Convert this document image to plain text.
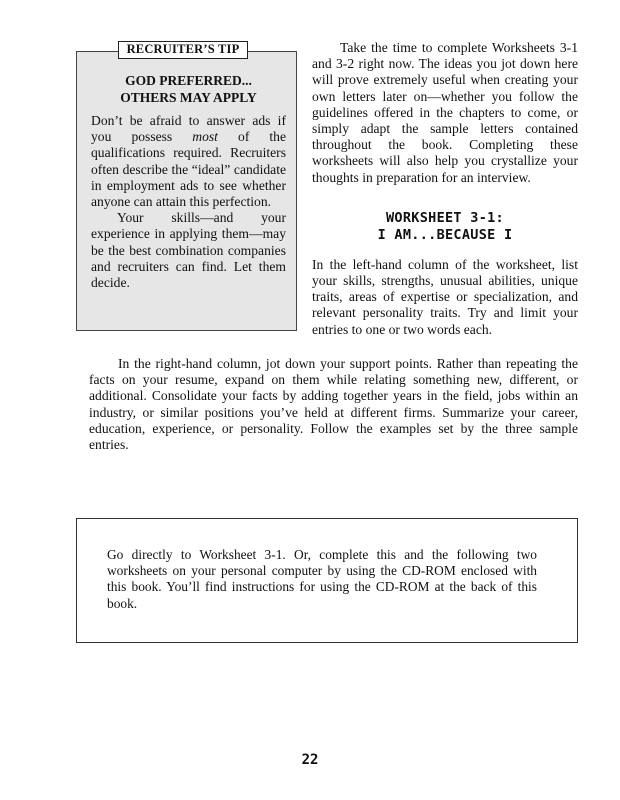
GOD PREFERRED...
OTHERS MAY APPLY

Don’t be afraid to answer ads if you possess most of the qualifications required. Recruiters often describe the “ideal” candidate in employment ads to see whether anyone can attain this perfection.

Your skills—and your experience in applying them—may be the best combination companies and recruiters can find. Let them decide.

RECRUITER’S TIP	Take the time to complete Worksheets 3-1 and 3-2 right now. The ideas you jot down here will prove extremely useful when creating your own letters later on—whether you follow the guidelines offered in the chapters to come, or simply adapt the sample letters contained throughout the book. Completing these worksheets will also help you crystallize your thoughts in preparation for an interview.

WORKSHEET 3-1:
I AM...BECAUSE I

In the left-hand column of the worksheet, list your skills, strengths, unusual abilities, unique traits, areas of expertise or specialization, and relevant personality traits. Try and limit your entries to one or two words each.

In the right-hand column, jot down your support points. Rather than repeating the facts on your resume, expand on them while relating something new, different, or additional. Consolidate your facts by adding together years in the field, jobs within an industry, or similar positions you’ve held at different firms. Summarize your career, education, experience, or personality. Follow the examples set by the three sample entries.

Go directly to Worksheet 3-1. Or, complete this and the following two worksheets on your personal computer by using the CD-ROM enclosed with this book. You’ll find instructions for using the CD-ROM at the back of this book.

22
